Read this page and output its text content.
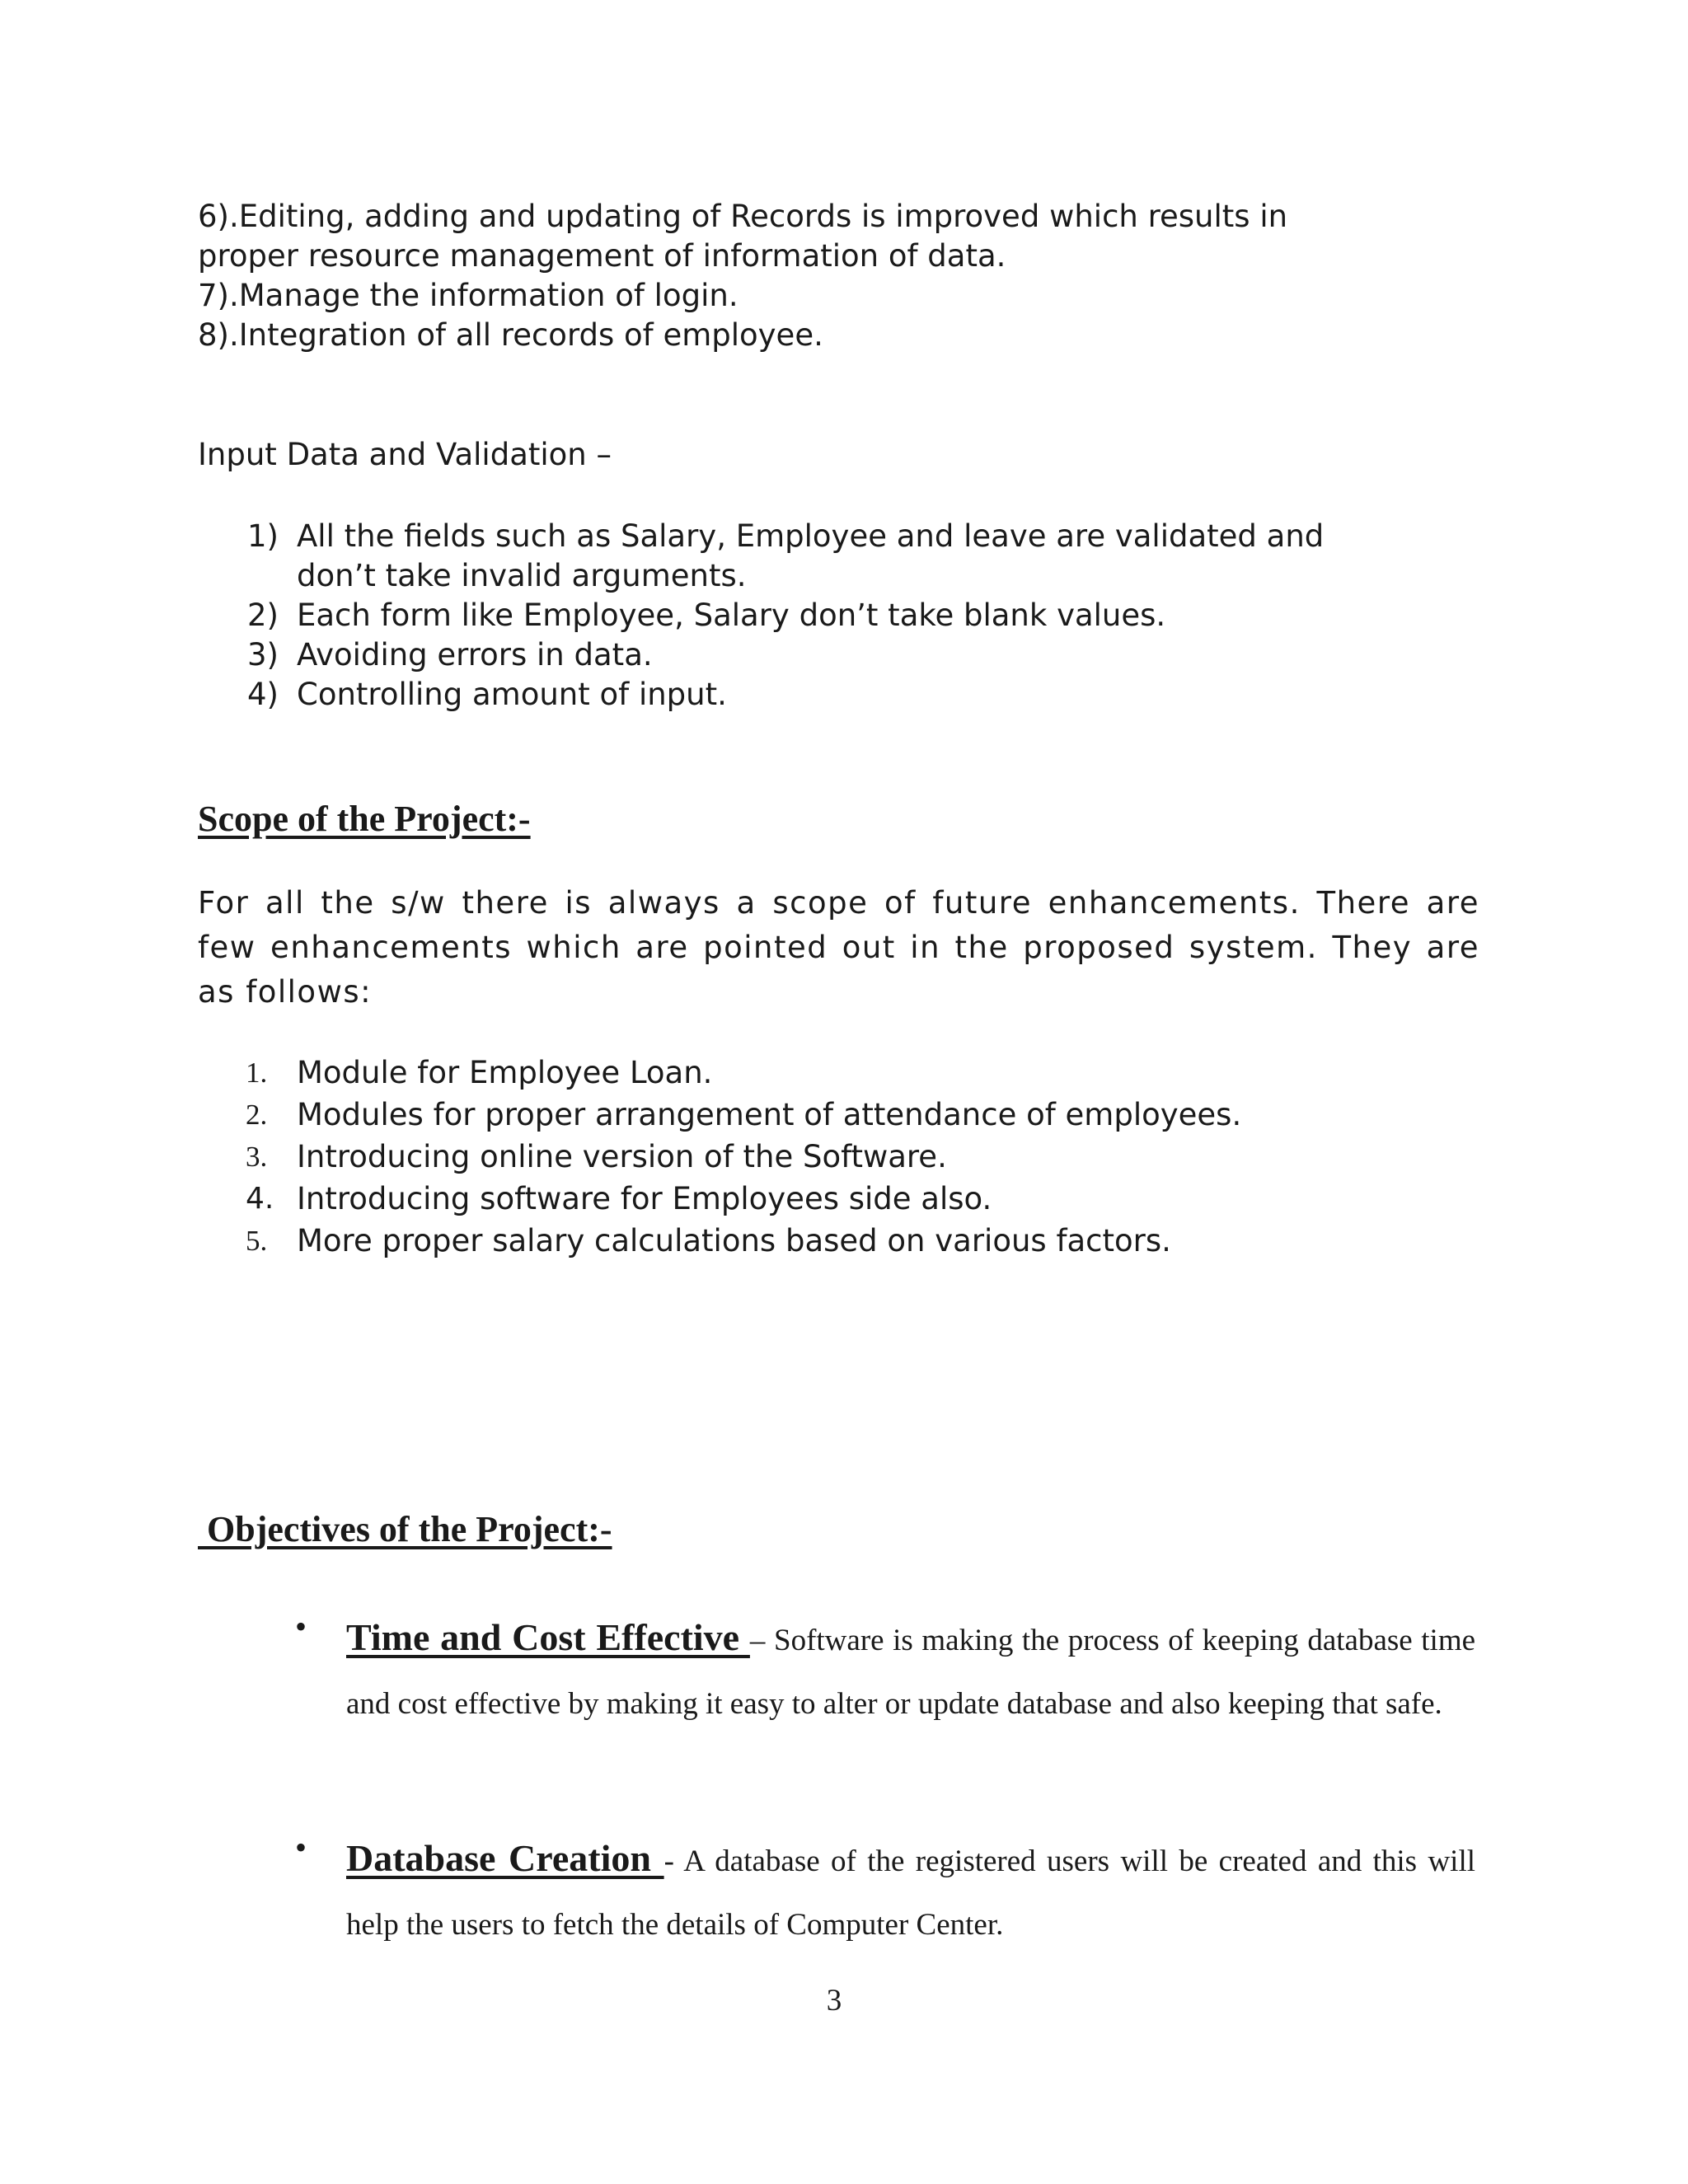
6).Editing, adding and updating of Records is improved which results in
proper resource management of information of data.
7).Manage the information of login.
8).Integration of all records of employee.
Input Data and Validation –
1) All the fields such as Salary, Employee and leave are validated and
don’t take invalid arguments.
2) Each form like Employee, Salary don’t take blank values.
3) Avoiding errors in data.
4) Controlling amount of input.
Scope of the Project:-
For all the s/w there is always a scope of future enhancements. There are few enhancements which are pointed out in the proposed system. They are as follows:
1. Module for Employee Loan.
2. Modules for proper arrangement of attendance of employees.
3. Introducing online version of the Software.
4. Introducing software for Employees side also.
5. More proper salary calculations based on various factors.
Objectives of the Project:-
• Time and Cost Effective – Software is making the process of keeping database time and cost effective by making it easy to alter or update database and also keeping that safe.
• Database Creation - A database of the registered users will be created and this will help the users to fetch the details of Computer Center.
3
